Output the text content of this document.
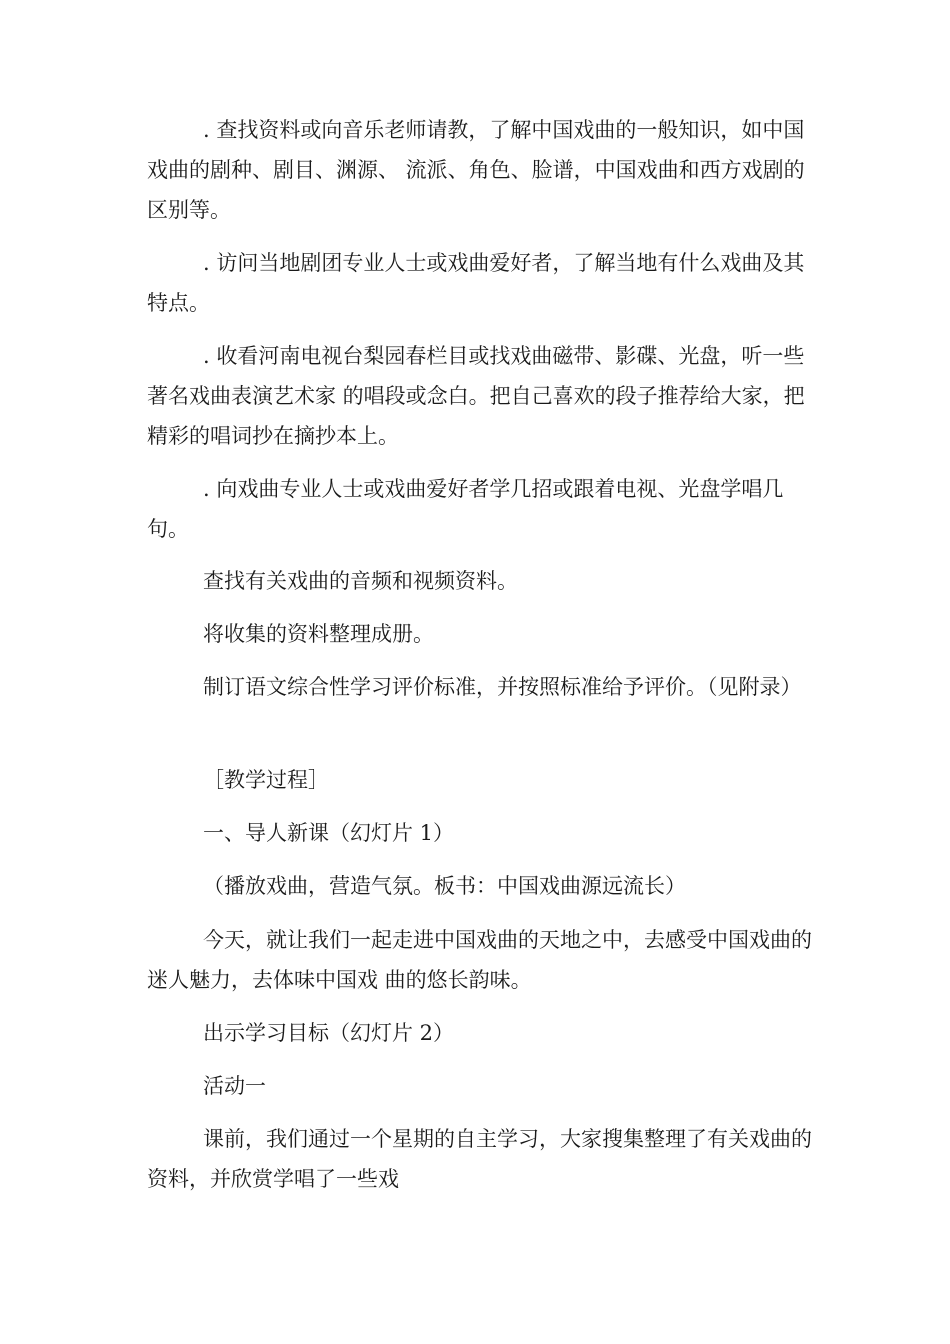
. 查找资料或向音乐老师请教，了解中国戏曲的一般知识，如中国戏曲的剧种、剧目、渊源、 流派、角色、脸谱，中国戏曲和西方戏剧的区别等。

. 访问当地剧团专业人士或戏曲爱好者，了解当地有什么戏曲及其特点。

. 收看河南电视台梨园春栏目或找戏曲磁带、影碟、光盘，听一些著名戏曲表演艺术家 的唱段或念白。把自己喜欢的段子推荐给大家，把精彩的唱词抄在摘抄本上。

. 向戏曲专业人士或戏曲爱好者学几招或跟着电视、光盘学唱几句。

查找有关戏曲的音频和视频资料。

将收集的资料整理成册。

制订语文综合性学习评价标准，并按照标准给予评价。（见附录）

［教学过程］

一、导人新课（幻灯片 1）

（播放戏曲，营造气氛。板书：中国戏曲源远流长）

今天，就让我们一起走进中国戏曲的天地之中，去感受中国戏曲的迷人魅力，去体味中国戏 曲的悠长韵味。

出示学习目标（幻灯片 2）

活动一

课前，我们通过一个星期的自主学习，大家搜集整理了有关戏曲的资料，并欣赏学唱了一些戏
